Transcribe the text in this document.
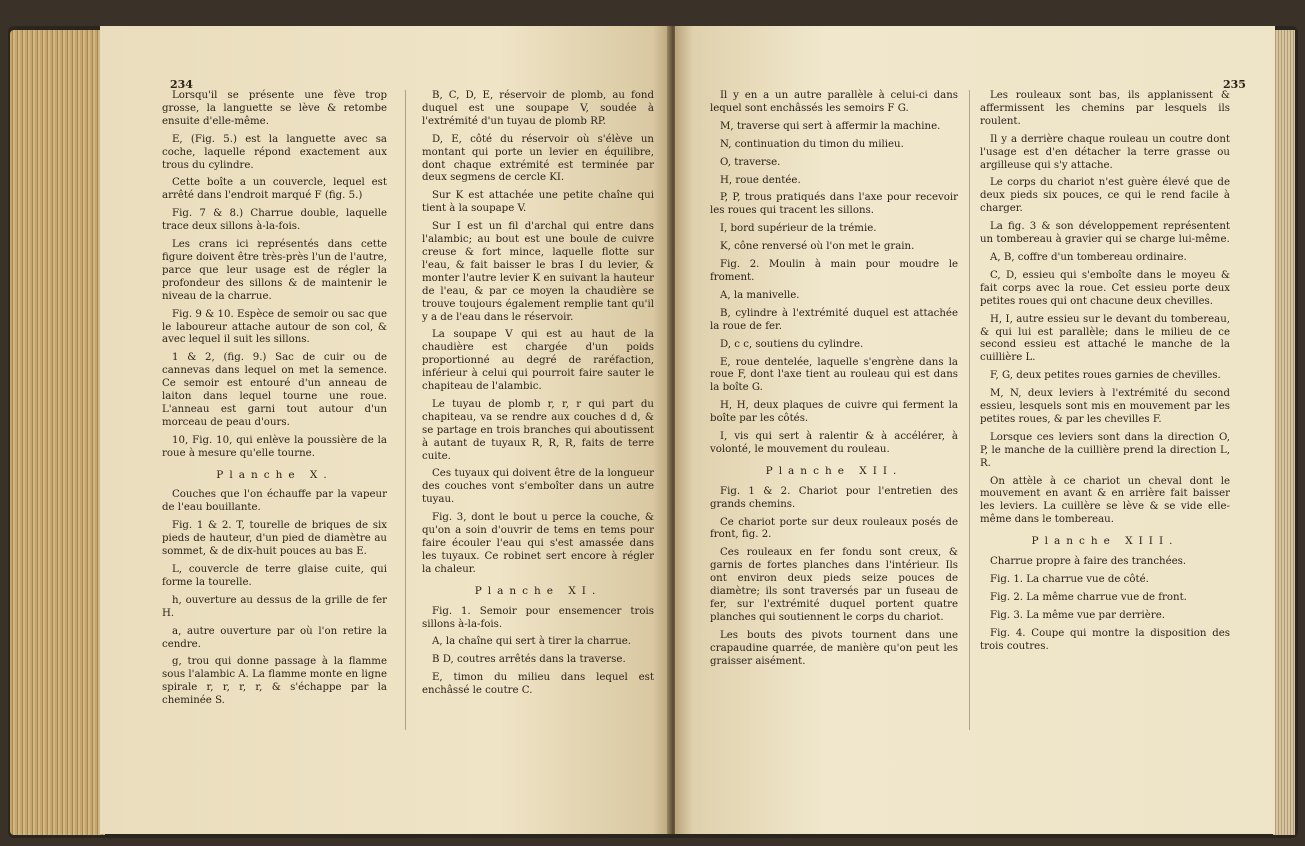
234

Lorsqu'il se présente une fève trop grosse, la languette se lève & retombe ensuite d'elle-même.

E, (Fig. 5.) est la languette avec sa coche, laquelle répond exactement aux trous du cylindre.

Cette boîte a un couvercle, lequel est arrêté dans l'endroit marqué F (fig. 5.)

Fig. 7 & 8.) Charrue double, laquelle trace deux sillons à-la-fois.

Les crans ici représentés dans cette figure doivent être très-près l'un de l'autre, parce que leur usage est de régler la profondeur des sillons & de maintenir le niveau de la charrue.

Fig. 9 & 10. Espèce de semoir ou sac que le laboureur attache autour de son col, & avec lequel il suit les sillons.

1 & 2, (fig. 9.) Sac de cuir ou de cannevas dans lequel on met la semence. Ce semoir est entouré d'un anneau de laiton dans lequel tourne une roue. L'anneau est garni tout autour d'un morceau de peau d'ours.

10, Fig. 10, qui enlève la poussière de la roue à mesure qu'elle tourne.

Planche X.

Couches que l'on échauffe par la vapeur de l'eau bouillante.

Fig. 1 & 2. T, tourelle de briques de six pieds de hauteur, d'un pied de diamètre au sommet, & de dix-huit pouces au bas E.

L, couvercle de terre glaise cuite, qui forme la tourelle.

h, ouverture au dessus de la grille de fer H.

a, autre ouverture par où l'on retire la cendre.

g, trou qui donne passage à la flamme sous l'alambic A. La flamme monte en ligne spirale r, r, r, r, & s'échappe par la cheminée S.

B, C, D, E, réservoir de plomb, au fond duquel est une soupape V, soudée à l'extrémité d'un tuyau de plomb RP.

D, E, côté du réservoir où s'élève un montant qui porte un levier en équilibre, dont chaque extrémité est terminée par deux segmens de cercle KI.

Sur K est attachée une petite chaîne qui tient à la soupape V.

Sur I est un fil d'archal qui entre dans l'alambic; au bout est une boule de cuivre creuse & fort mince, laquelle flotte sur l'eau, & fait baisser le bras I du levier, & monter l'autre levier K en suivant la hauteur de l'eau, & par ce moyen la chaudière se trouve toujours également remplie tant qu'il y a de l'eau dans le réservoir.

La soupape V qui est au haut de la chaudière est chargée d'un poids proportionné au degré de raréfaction, inférieur à celui qui pourroit faire sauter le chapiteau de l'alambic.

Le tuyau de plomb r, r, r qui part du chapiteau, va se rendre aux couches d d, & se partage en trois branches qui aboutissent à autant de tuyaux R, R, R, faits de terre cuite.

Ces tuyaux qui doivent être de la longueur des couches vont s'emboîter dans un autre tuyau.

Fig. 3, dont le bout u perce la couche, & qu'on a soin d'ouvrir de tems en tems pour faire écouler l'eau qui s'est amassée dans les tuyaux. Ce robinet sert encore à régler la chaleur.

Planche XI.

Fig. 1. Semoir pour ensemencer trois sillons à-la-fois.

A, la chaîne qui sert à tirer la charrue.

B D, coutres arrêtés dans la traverse.

E, timon du milieu dans lequel est enchâssé le coutre C.

235

Il y en a un autre parallèle à celui-ci dans lequel sont enchâssés les semoirs F G.

M, traverse qui sert à affermir la machine.

N, continuation du timon du milieu.

O, traverse.

H, roue dentée.

P, P, trous pratiqués dans l'axe pour recevoir les roues qui tracent les sillons.

I, bord supérieur de la trémie.

K, cône renversé où l'on met le grain.

Fig. 2. Moulin à main pour moudre le froment.

A, la manivelle.

B, cylindre à l'extrémité duquel est attachée la roue de fer.

D, c c, soutiens du cylindre.

E, roue dentelée, laquelle s'engrène dans la roue F, dont l'axe tient au rouleau qui est dans la boîte G.

H, H, deux plaques de cuivre qui ferment la boîte par les côtés.

I, vis qui sert à ralentir & à accélérer, à volonté, le mouvement du rouleau.

Planche XII.

Fig. 1 & 2. Chariot pour l'entretien des grands chemins.

Ce chariot porte sur deux rouleaux posés de front, fig. 2.

Ces rouleaux en fer fondu sont creux, & garnis de fortes planches dans l'intérieur. Ils ont environ deux pieds seize pouces de diamètre; ils sont traversés par un fuseau de fer, sur l'extrémité duquel portent quatre planches qui soutiennent le corps du chariot.

Les bouts des pivots tournent dans une crapaudine quarrée, de manière qu'on peut les graisser aisément.

Les rouleaux sont bas, ils applanissent & affermissent les chemins par lesquels ils roulent.

Il y a derrière chaque rouleau un coutre dont l'usage est d'en détacher la terre grasse ou argilleuse qui s'y attache.

Le corps du chariot n'est guère élevé que de deux pieds six pouces, ce qui le rend facile à charger.

La fig. 3 & son développement représentent un tombereau à gravier qui se charge lui-même.

A, B, coffre d'un tombereau ordinaire.

C, D, essieu qui s'emboîte dans le moyeu & fait corps avec la roue. Cet essieu porte deux petites roues qui ont chacune deux chevilles.

H, I, autre essieu sur le devant du tombereau, & qui lui est parallèle; dans le milieu de ce second essieu est attaché le manche de la cuillière L.

F, G, deux petites roues garnies de chevilles.

M, N, deux leviers à l'extrémité du second essieu, lesquels sont mis en mouvement par les petites roues, & par les chevilles F.

Lorsque ces leviers sont dans la direction O, P, le manche de la cuillière prend la direction L, R.

On attèle à ce chariot un cheval dont le mouvement en avant & en arrière fait baisser les leviers. La cuillère se lève & se vide elle-même dans le tombereau.

Planche XIII.

Charrue propre à faire des tranchées.

Fig. 1. La charrue vue de côté.

Fig. 2. La même charrue vue de front.

Fig. 3. La même vue par derrière.

Fig. 4. Coupe qui montre la disposition des trois coutres.
